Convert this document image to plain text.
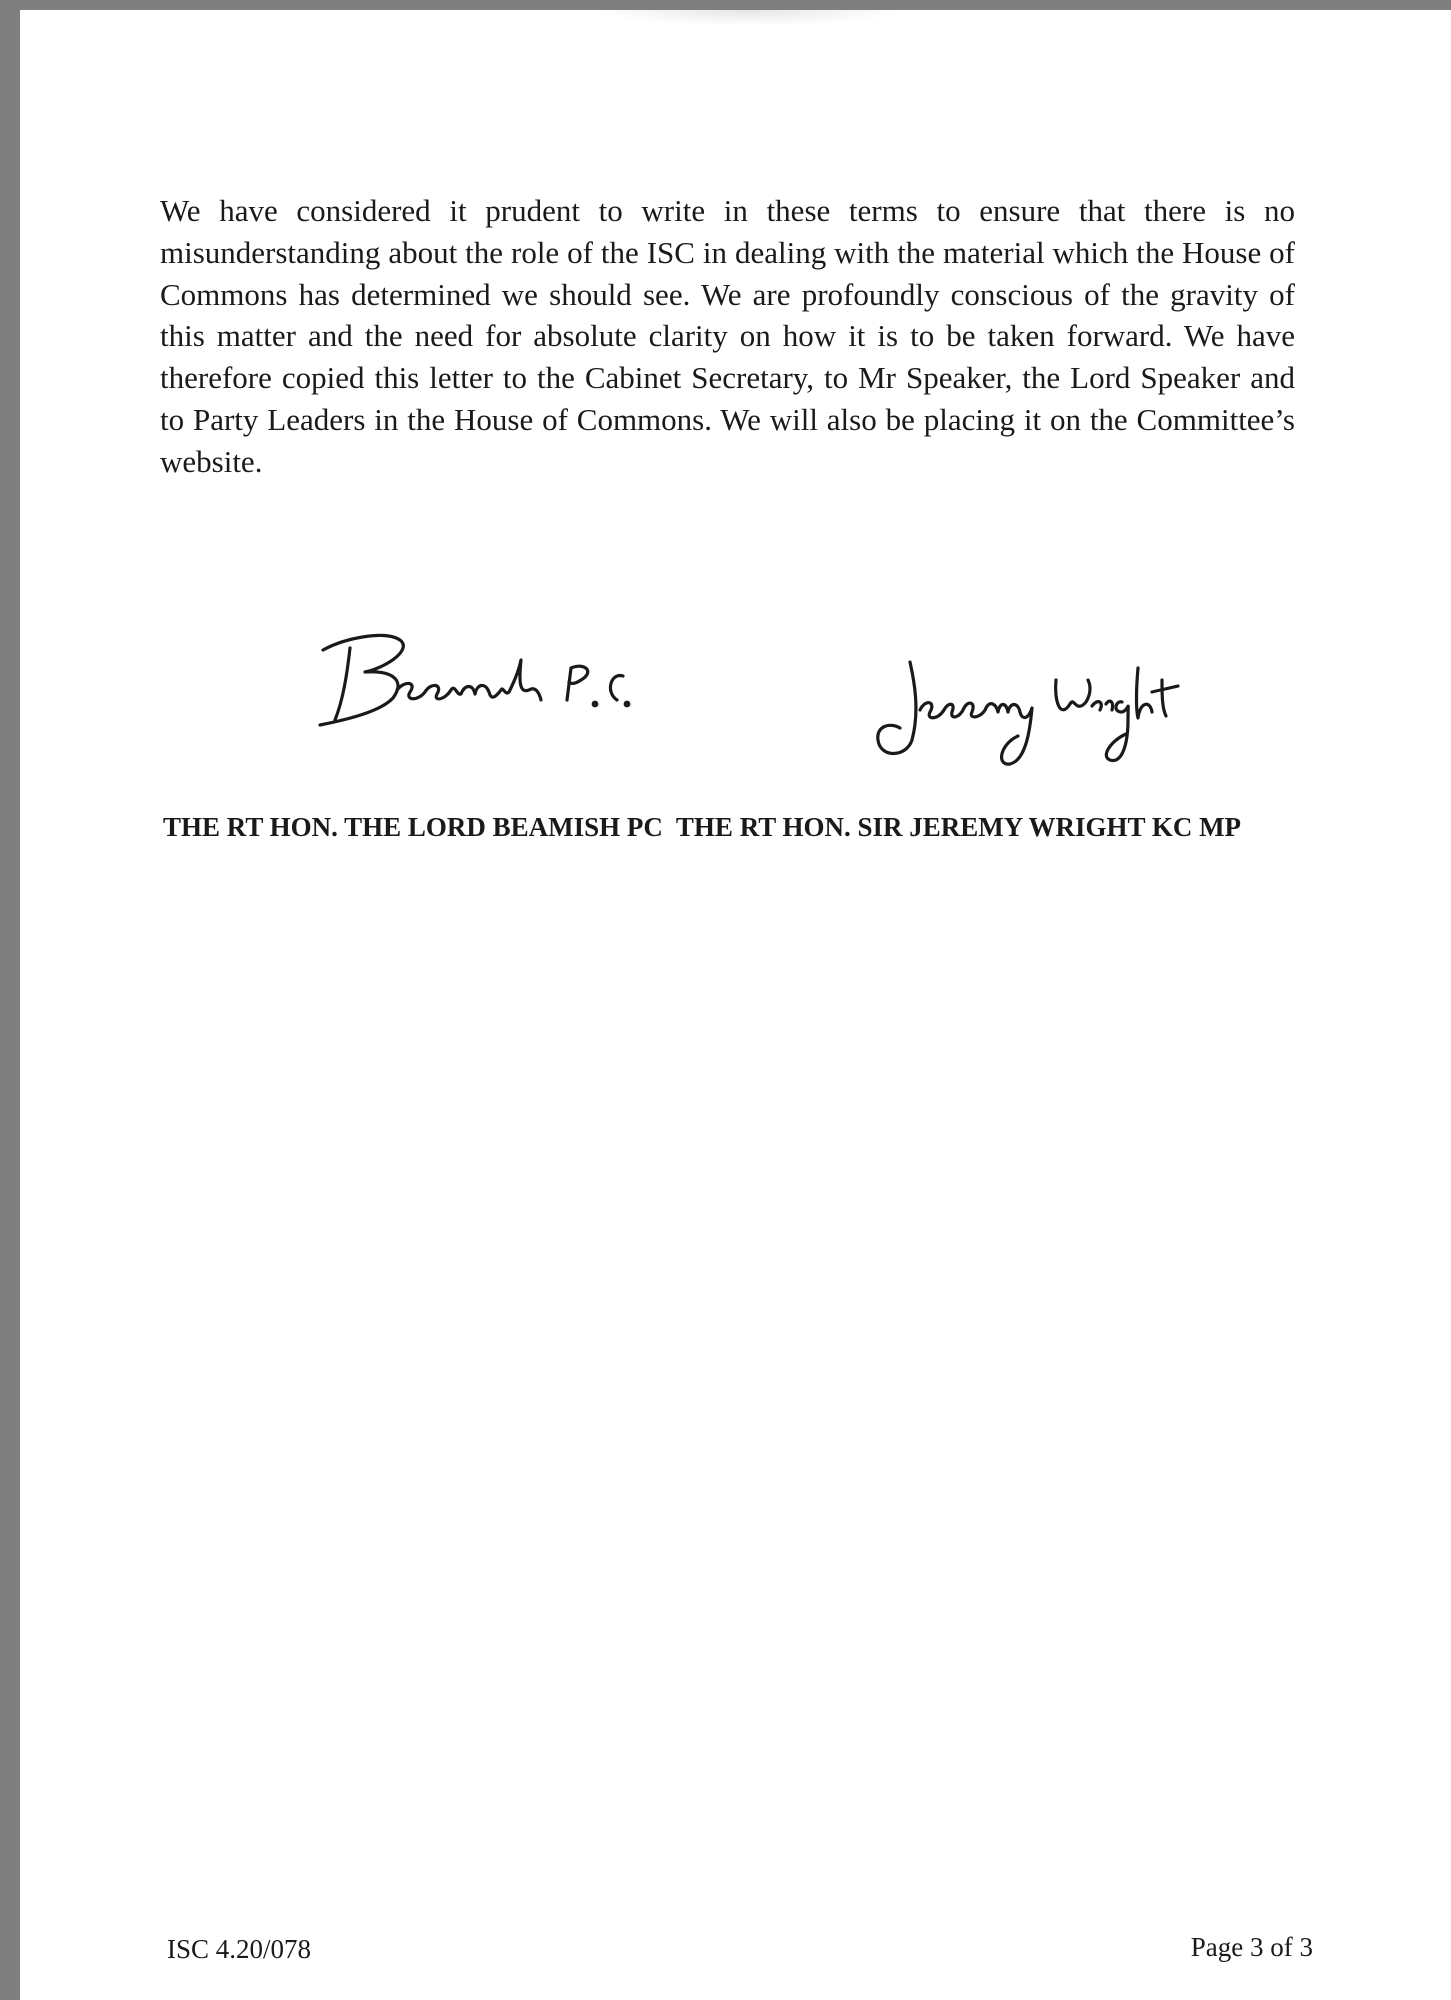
We have considered it prudent to write in these terms to ensure that there is no misunderstanding about the role of the ISC in dealing with the material which the House of Commons has determined we should see. We are profoundly conscious of the gravity of this matter and the need for absolute clarity on how it is to be taken forward. We have therefore copied this letter to the Cabinet Secretary, to Mr Speaker, the Lord Speaker and to Party Leaders in the House of Commons. We will also be placing it on the Committee’s website.

THE RT HON. THE LORD BEAMISH PC THE RT HON. SIR JEREMY WRIGHT KC MP
ISC 4.20/078	Page 3 of 3
